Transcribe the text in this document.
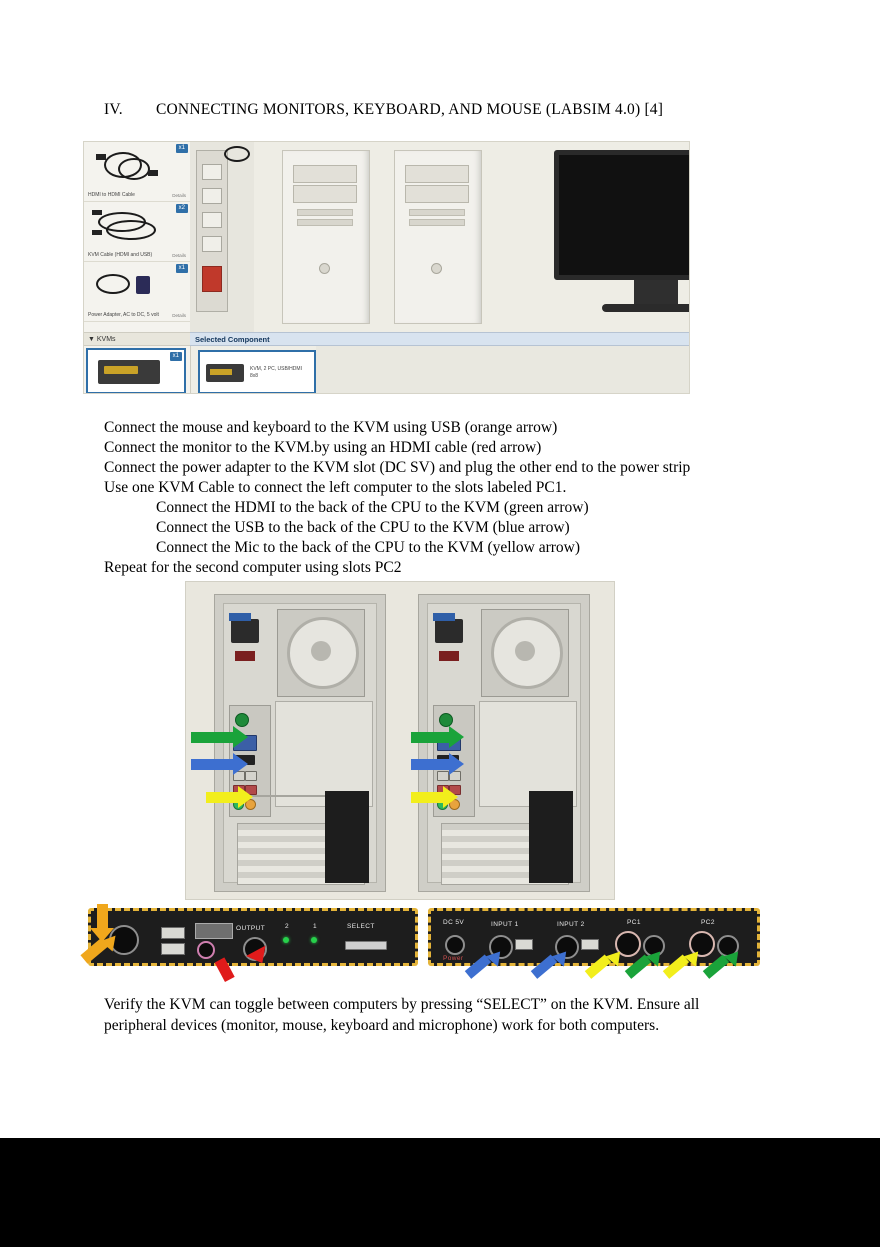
IV. CONNECTING MONITORS, KEYBOARD, AND MOUSE (LABSIM 4.0) [4]
x1
HDMI to HDMI Cable	Details
x2
KVM Cable (HDMI and USB)	Details
x1
Power Adapter, AC to DC, 5 volt	Details
▼ KVMs
x1
Selected Component
KVM, 2 PC, USB/HDMI
8x8
Connect the mouse and keyboard to the KVM using USB (orange arrow)
Connect the monitor to the KVM.by using an HDMI cable (red arrow)
Connect the power adapter to the KVM slot (DC SV) and plug the other end to the power strip
Use one KVM Cable to connect the left computer to the slots labeled PC1.
Connect the HDMI to the back of the CPU to the KVM (green arrow)
Connect the USB to the back of the CPU to the KVM (blue arrow)
Connect the Mic to the back of the CPU to the KVM (yellow arrow)
Repeat for the second computer using slots PC2
OUTPUT	2	1	SELECT
DC 5V
Power
INPUT 1	INPUT 2	PC1	PC2
Verify the KVM can toggle between computers by pressing “SELECT” on the KVM. Ensure all
peripheral devices (monitor, mouse, keyboard and microphone) work for both computers.
